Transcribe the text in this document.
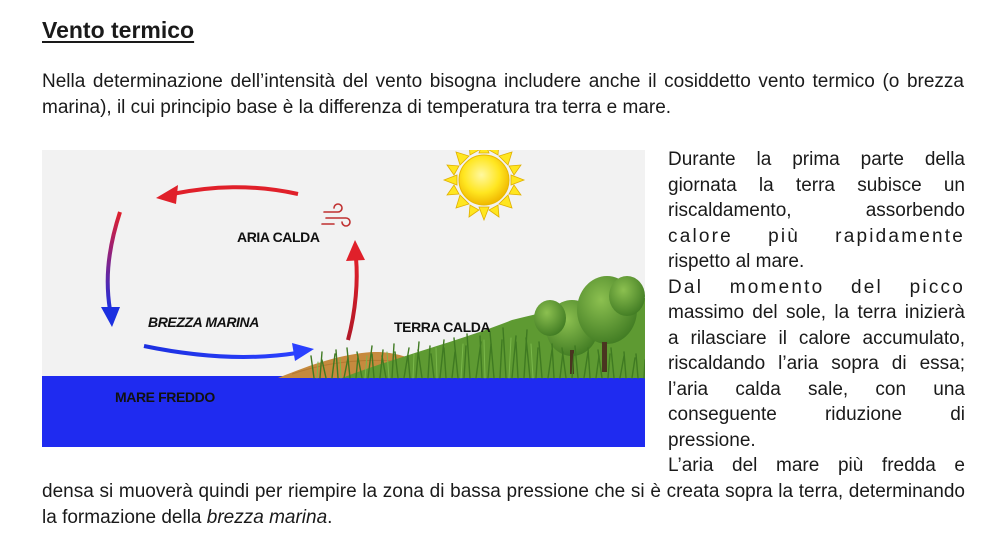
Vento termico

Nella determinazione dell’intensità del vento bisogna includere anche il cosiddetto vento termico (o brezza marina), il cui principio base è la differenza di temperatura tra terra e mare.

ARIA CALDA
BREZZA MARINA	TERRA CALDA
MARE FREDDO

Durante la prima parte della giornata la terra subisce un riscaldamento, assorbendo calore più rapidamente rispetto al mare.

Dal momento del picco massimo del sole, la terra inizierà a rilasciare il calore accumulato, riscaldando l’aria sopra di essa; l’aria calda sale, con una conseguente riduzione di pressione.

L’aria del mare più fredda e

densa si muoverà quindi per riempire la zona di bassa pressione che si è creata sopra la terra, determinando la formazione della brezza marina.
